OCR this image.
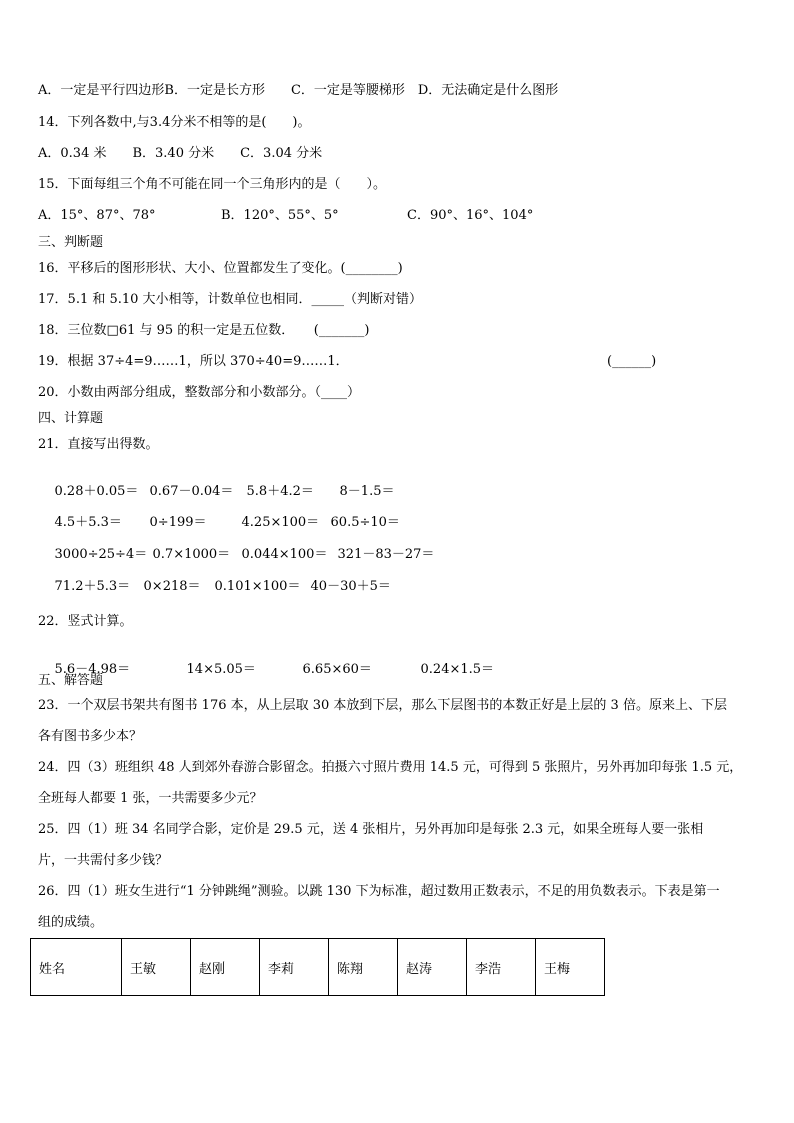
A．一定是平行四边形B．一定是长方形　　C．一定是等腰梯形　D．无法确定是什么图形
14．下列各数中,与3.4分米不相等的是(　　)。
A．0.34 米　　B．3.40 分米　　C．3.04 分米
15．下面每组三个角不可能在同一个三角形内的是（　　）。
A．15°、87°、78°	B．120°、55°、5°	C．90°、16°、104°
三、判断题
16．平移后的图形形状、大小、位置都发生了变化。(________)
17．5.1 和 5.10 大小相等，计数单位也相同．_____（判断对错）
18．三位数□61 与 95 的积一定是五位数．　　(_______)
19．根据 37÷4=9……1，所以 370÷40=9……1．	(______)
20．小数由两部分组成，整数部分和小数部分。（____）
四、计算题
21．直接写出得数。

0.28＋0.05＝ 0.67－0.04＝ 5.8＋4.2＝ 8－1.5＝

4.5＋5.3＝ 0÷199＝	4.25×100＝ 60.5÷10＝

3000÷25÷4＝ 0.7×1000＝ 0.044×100＝ 321－83－27＝

71.2＋5.3＝ 0×218＝ 0.101×100＝ 40－30＋5＝

22．竖式计算。

5.6－4.98＝	14×5.05＝	6.65×60＝	0.24×1.5＝

五、解答题
23．一个双层书架共有图书 176 本，从上层取 30 本放到下层，那么下层图书的本数正好是上层的 3 倍。原来上、下层
各有图书多少本？
24．四（3）班组织 48 人到郊外春游合影留念。拍摄六寸照片费用 14.5 元，可得到 5 张照片，另外再加印每张 1.5 元，
全班每人都要 1 张，一共需要多少元？
25．四（1）班 34 名同学合影，定价是 29.5 元，送 4 张相片，另外再加印是每张 2.3 元，如果全班每人要一张相
片，一共需付多少钱？
26．四（1）班女生进行“1 分钟跳绳”测验。以跳 130 下为标准，超过数用正数表示，不足的用负数表示。下表是第一
组的成绩。
姓名	王敏	赵刚	李莉	陈翔	赵涛	李浩	王梅
